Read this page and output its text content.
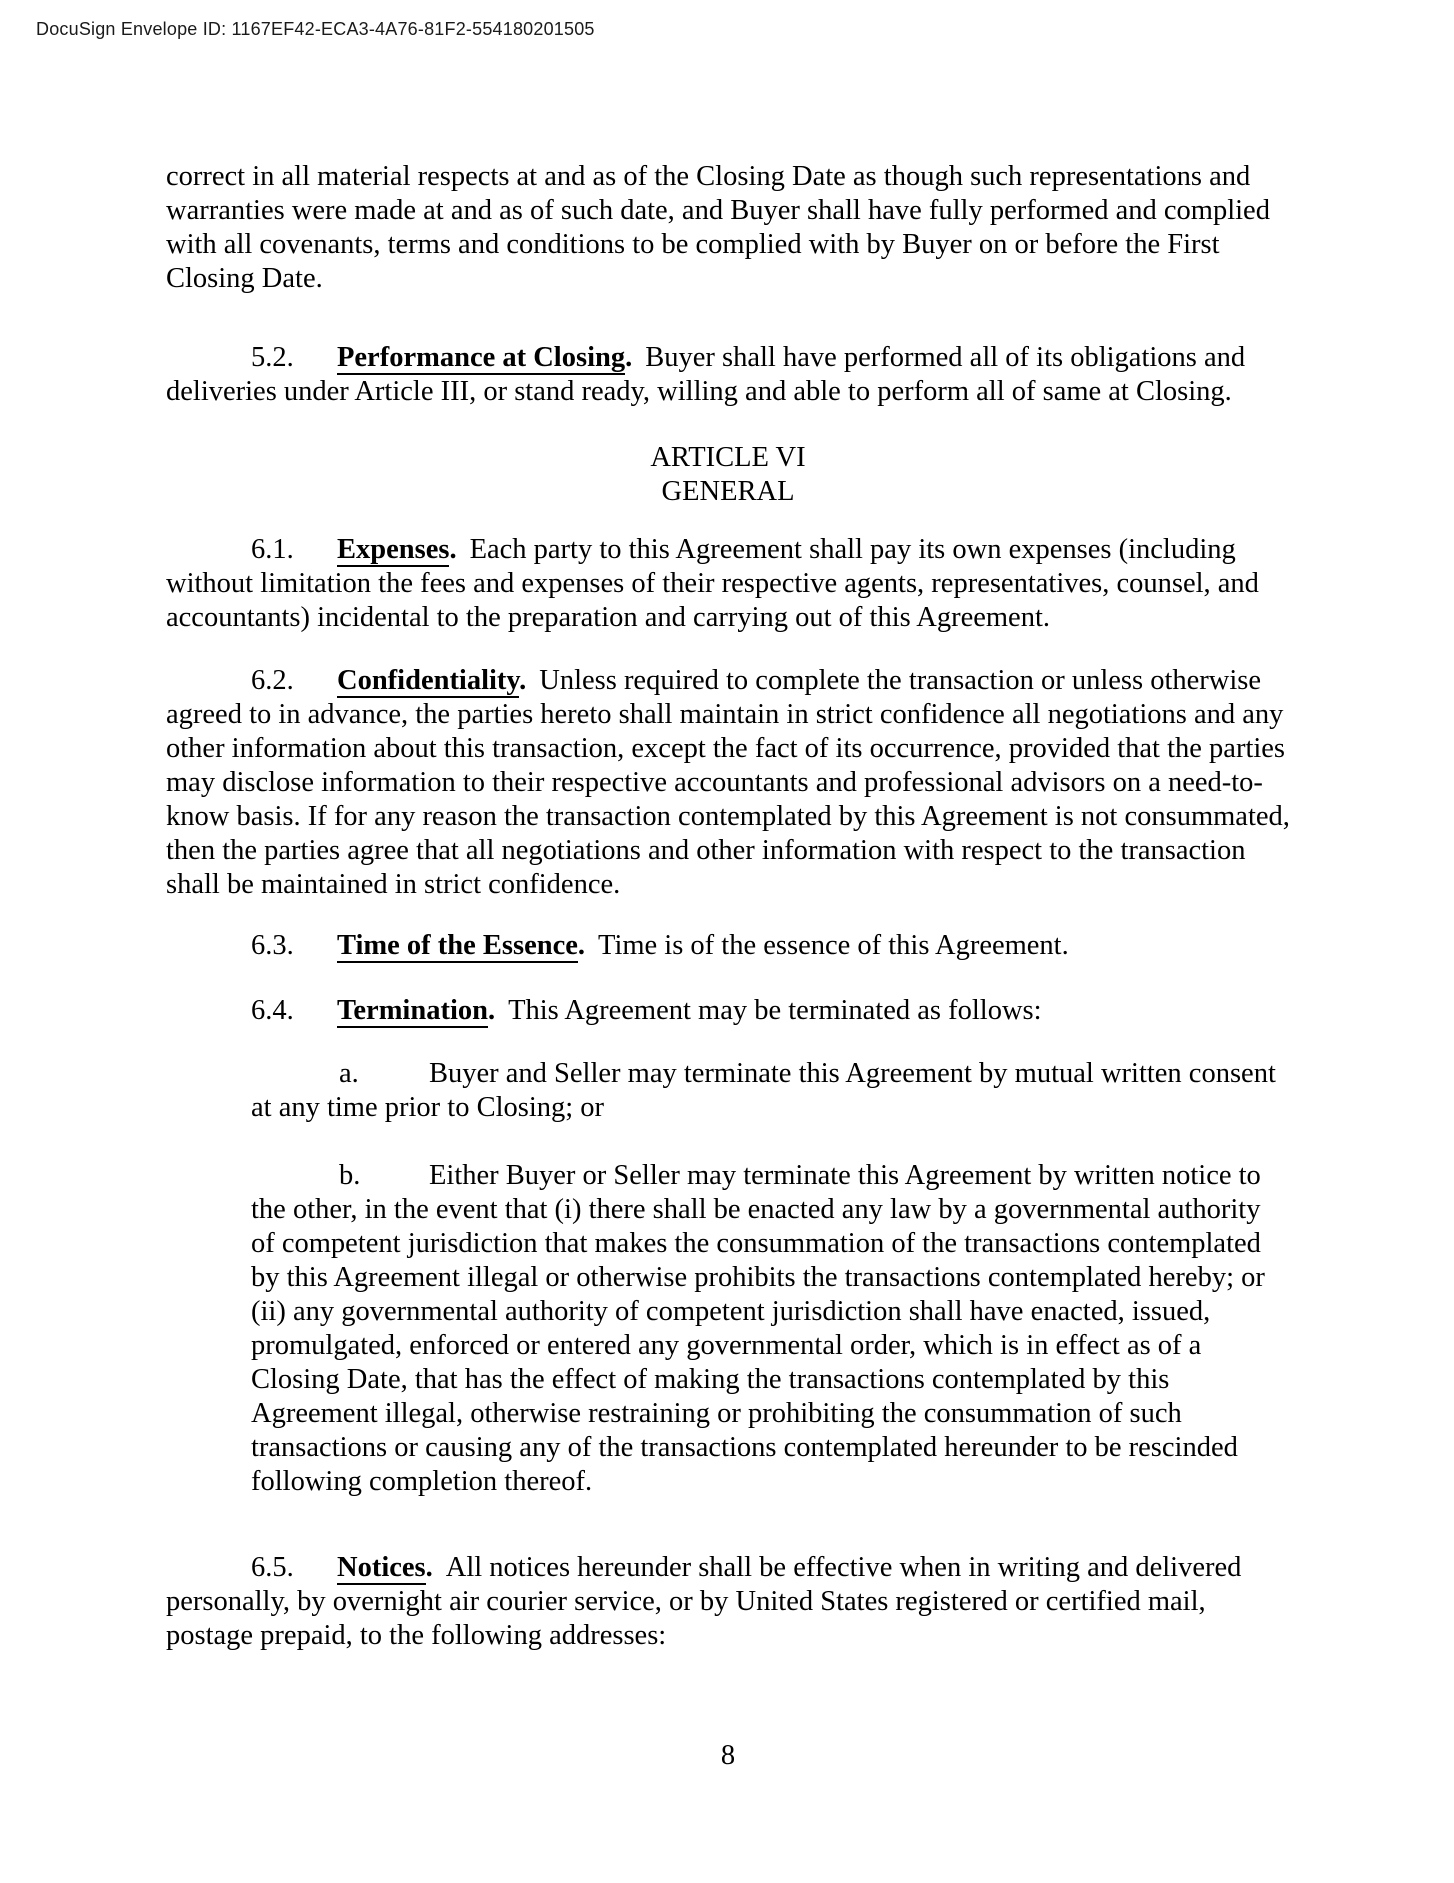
DocuSign Envelope ID: 1167EF42-ECA3-4A76-81F2-554180201505

correct in all material respects at and as of the Closing Date as though such representations and warranties were made at and as of such date, and Buyer shall have fully performed and complied with all covenants, terms and conditions to be complied with by Buyer on or before the First Closing Date.

5.2. Performance at Closing. Buyer shall have performed all of its obligations and deliveries under Article III, or stand ready, willing and able to perform all of same at Closing.

ARTICLE VI
GENERAL

6.1. Expenses. Each party to this Agreement shall pay its own expenses (including without limitation the fees and expenses of their respective agents, representatives, counsel, and accountants) incidental to the preparation and carrying out of this Agreement.

6.2. Confidentiality. Unless required to complete the transaction or unless otherwise agreed to in advance, the parties hereto shall maintain in strict confidence all negotiations and any other information about this transaction, except the fact of its occurrence, provided that the parties may disclose information to their respective accountants and professional advisors on a need-to-know basis. If for any reason the transaction contemplated by this Agreement is not consummated, then the parties agree that all negotiations and other information with respect to the transaction shall be maintained in strict confidence.

6.3. Time of the Essence. Time is of the essence of this Agreement.

6.4. Termination. This Agreement may be terminated as follows:

a. Buyer and Seller may terminate this Agreement by mutual written consent at any time prior to Closing; or

b. Either Buyer or Seller may terminate this Agreement by written notice to the other, in the event that (i) there shall be enacted any law by a governmental authority of competent jurisdiction that makes the consummation of the transactions contemplated by this Agreement illegal or otherwise prohibits the transactions contemplated hereby; or (ii) any governmental authority of competent jurisdiction shall have enacted, issued, promulgated, enforced or entered any governmental order, which is in effect as of a Closing Date, that has the effect of making the transactions contemplated by this Agreement illegal, otherwise restraining or prohibiting the consummation of such transactions or causing any of the transactions contemplated hereunder to be rescinded following completion thereof.

6.5. Notices. All notices hereunder shall be effective when in writing and delivered personally, by overnight air courier service, or by United States registered or certified mail, postage prepaid, to the following addresses:

8
